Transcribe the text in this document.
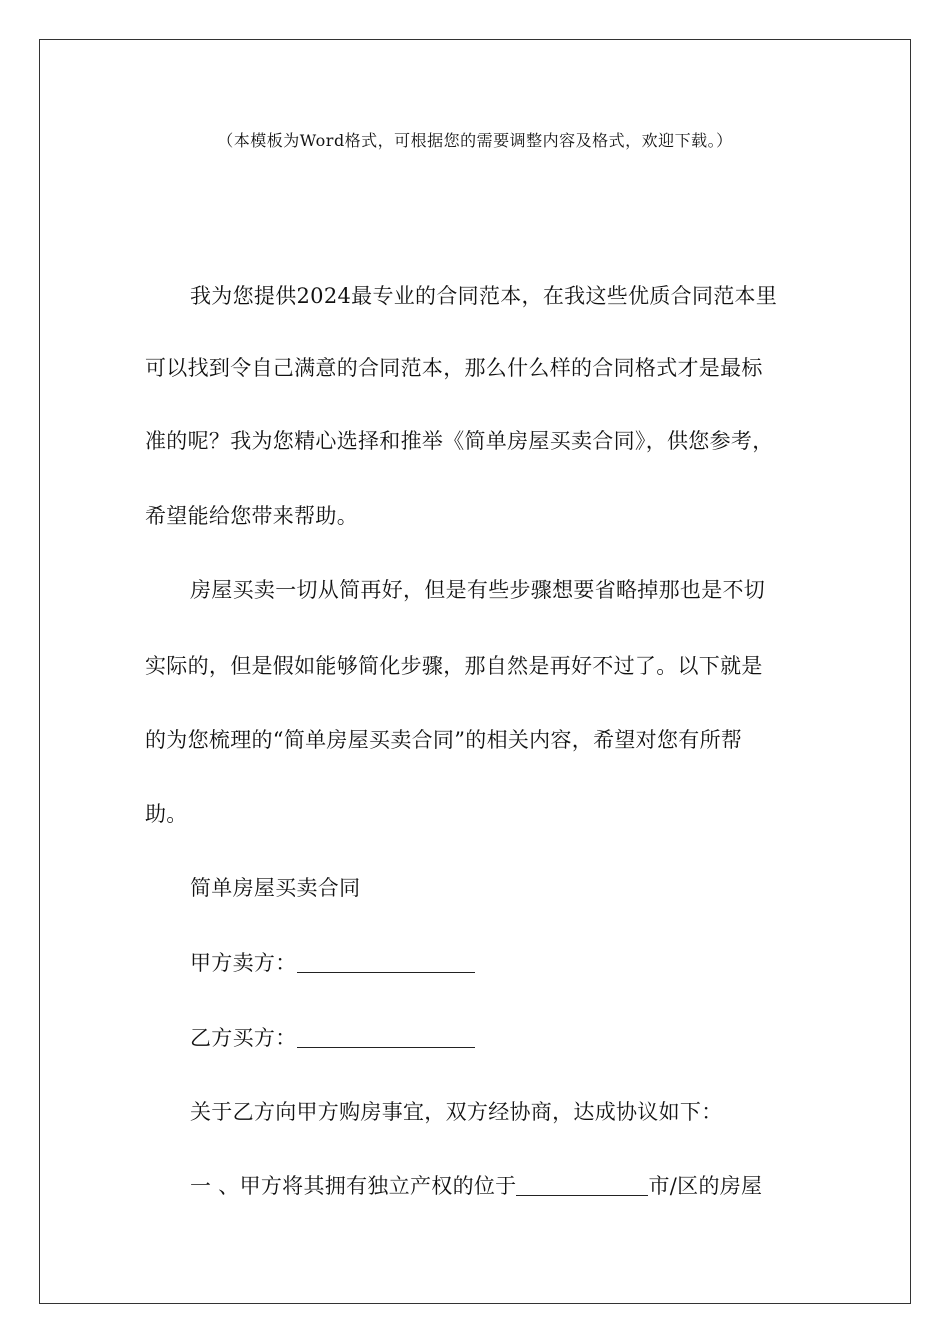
（本模板为Word格式，可根据您的需要调整内容及格式，欢迎下载。）
我为您提供2024最专业的合同范本，在我这些优质合同范本里
可以找到令自己满意的合同范本，那么什么样的合同格式才是最标
准的呢？我为您精心选择和推举《简单房屋买卖合同》，供您参考，
希望能给您带来帮助。
房屋买卖一切从简再好，但是有些步骤想要省略掉那也是不切
实际的，但是假如能够简化步骤，那自然是再好不过了。以下就是
的为您梳理的“简单房屋买卖合同”的相关内容，希望对您有所帮
助。
简单房屋买卖合同
甲方卖方：
乙方买方：
关于乙方向甲方购房事宜，双方经协商，达成协议如下：
一 、甲方将其拥有独立产权的位于	市/区的房屋
